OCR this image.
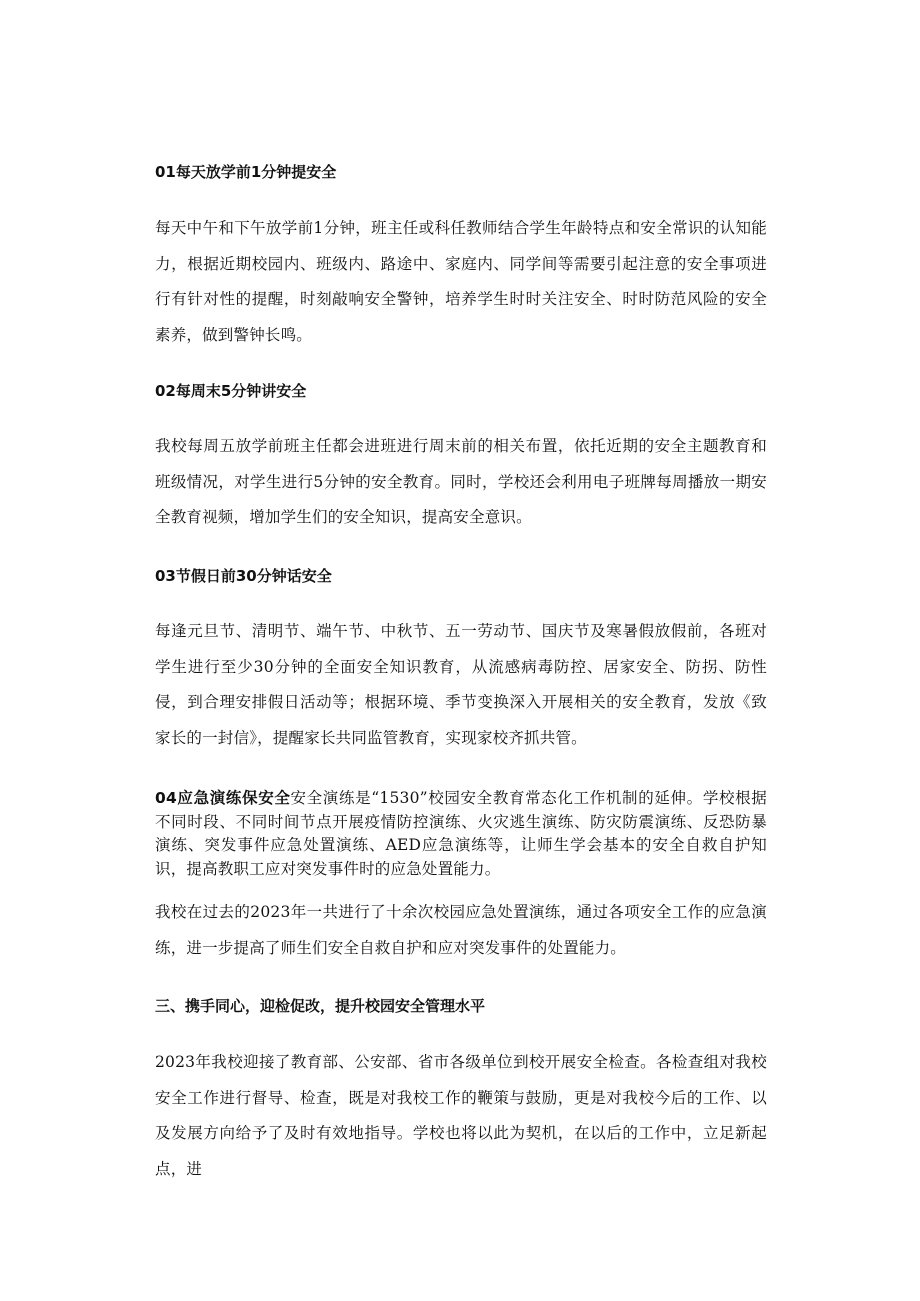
01每天放学前1分钟提安全
每天中午和下午放学前1分钟，班主任或科任教师结合学生年龄特点和安全常识的认知能力，根据近期校园内、班级内、路途中、家庭内、同学间等需要引起注意的安全事项进行有针对性的提醒，时刻敲响安全警钟，培养学生时时关注安全、时时防范风险的安全素养，做到警钟长鸣。
02每周末5分钟讲安全
我校每周五放学前班主任都会进班进行周末前的相关布置，依托近期的安全主题教育和班级情况，对学生进行5分钟的安全教育。同时，学校还会利用电子班牌每周播放一期安全教育视频，增加学生们的安全知识，提高安全意识。
03节假日前30分钟话安全
每逢元旦节、清明节、端午节、中秋节、五一劳动节、国庆节及寒暑假放假前，各班对学生进行至少30分钟的全面安全知识教育，从流感病毒防控、居家安全、防拐、防性侵，到合理安排假日活动等；根据环境、季节变换深入开展相关的安全教育，发放《致家长的一封信》，提醒家长共同监管教育，实现家校齐抓共管。
04应急演练保安全安全演练是“1530”校园安全教育常态化工作机制的延伸。学校根据不同时段、不同时间节点开展疫情防控演练、火灾逃生演练、防灾防震演练、反恐防暴演练、突发事件应急处置演练、AED应急演练等，让师生学会基本的安全自救自护知识，提高教职工应对突发事件时的应急处置能力。
我校在过去的2023年一共进行了十余次校园应急处置演练，通过各项安全工作的应急演练，进一步提高了师生们安全自救自护和应对突发事件的处置能力。
三、携手同心，迎检促改，提升校园安全管理水平
2023年我校迎接了教育部、公安部、省市各级单位到校开展安全检查。各检查组对我校安全工作进行督导、检查，既是对我校工作的鞭策与鼓励，更是对我校今后的工作、以及发展方向给予了及时有效地指导。学校也将以此为契机，在以后的工作中，立足新起点，进
